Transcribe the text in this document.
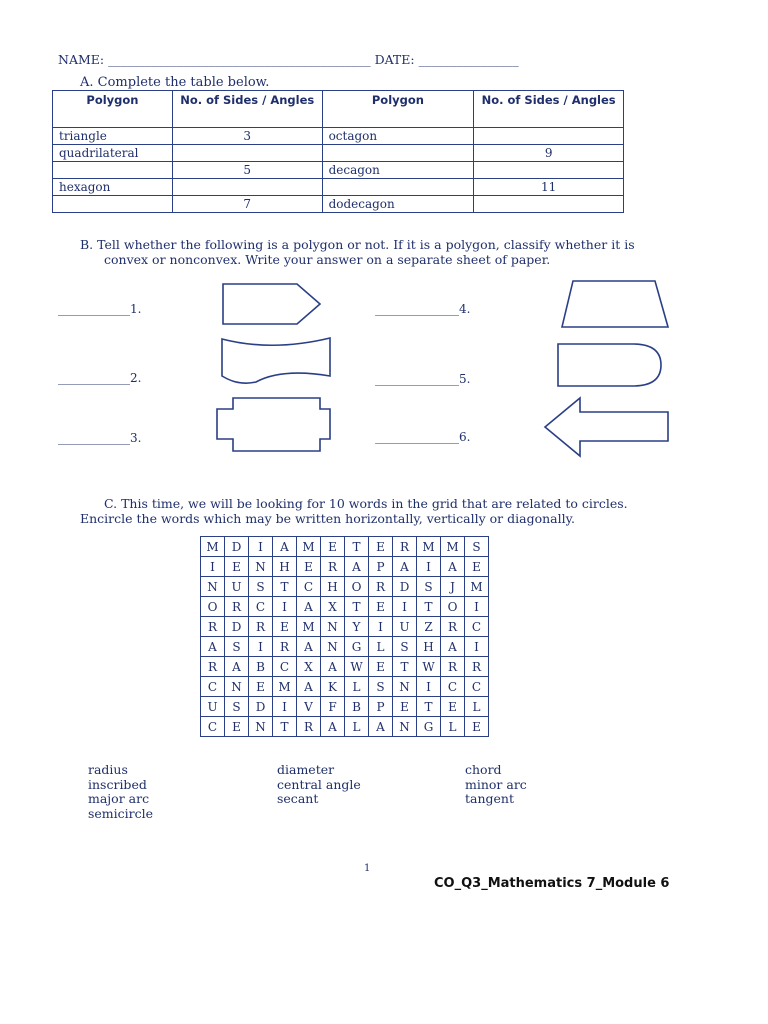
NAME: __________________________________________ DATE: ________________
A. Complete the table below.
Polygon	No. of Sides / Angles	Polygon	No. of Sides / Angles
triangle	3	octagon	
quadrilateral			9
	5	decagon	
hexagon			11
	7	dodecagon	

B. Tell whether the following is a polygon or not. If it is a polygon, classify whether it is

convex or nonconvex. Write your answer on a separate sheet of paper.

____________1.
____________2.
____________3.
______________4.
______________5.
______________6.

C. This time, we will be looking for 10 words in the grid that are related to circles.

Encircle the words which may be written horizontally, vertically or diagonally.

M	D	I	A	M	E	T	E	R	M	M	S
I	E	N	H	E	R	A	P	A	I	A	E
N	U	S	T	C	H	O	R	D	S	J	M
O	R	C	I	A	X	T	E	I	T	O	I
R	D	R	E	M	N	Y	I	U	Z	R	C
A	S	I	R	A	N	G	L	S	H	A	I
R	A	B	C	X	A	W	E	T	W	R	R
C	N	E	M	A	K	L	S	N	I	C	C
U	S	D	I	V	F	B	P	E	T	E	L
C	E	N	T	R	A	L	A	N	G	L	E
radius
inscribed
major arc
semicircle
diameter
central angle
secant
chord
minor arc
tangent
1
CO_Q3_Mathematics 7_Module 6
